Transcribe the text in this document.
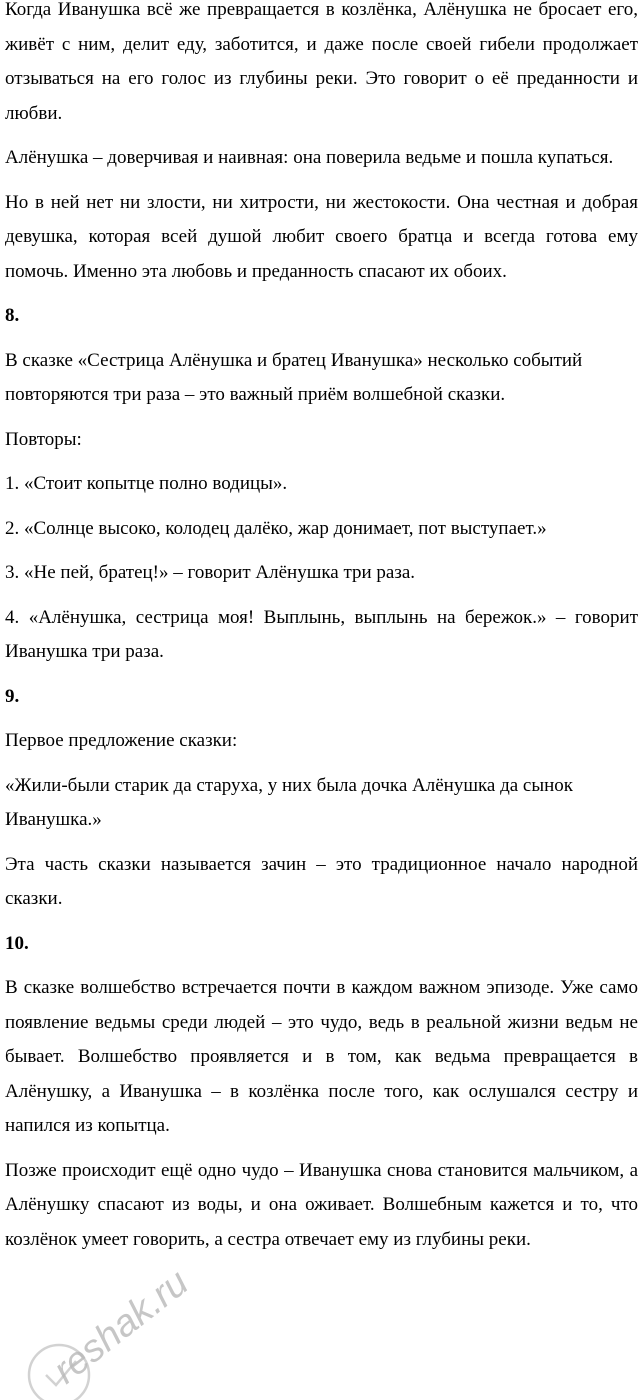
Когда Иванушка всё же превращается в козлёнка, Алёнушка не бросает его, живёт с ним, делит еду, заботится, и даже после своей гибели продолжает отзываться на его голос из глубины реки. Это говорит о её преданности и любви.

Алёнушка – доверчивая и наивная: она поверила ведьме и пошла купаться.

Но в ней нет ни злости, ни хитрости, ни жестокости. Она честная и добрая девушка, которая всей душой любит своего братца и всегда готова ему помочь. Именно эта любовь и преданность спасают их обоих.

8.

В сказке «Сестрица Алёнушка и братец Иванушка» несколько событий повторяются три раза – это важный приём волшебной сказки.

Повторы:

1. «Стоит копытце полно водицы».

2. «Солнце высоко, колодец далёко, жар донимает, пот выступает.»

3. «Не пей, братец!» – говорит Алёнушка три раза.

4. «Алёнушка, сестрица моя! Выплынь, выплынь на бережок.» – говорит Иванушка три раза.

9.

Первое предложение сказки:

«Жили-были старик да старуха, у них была дочка Алёнушка да сынок Иванушка.»

Эта часть сказки называется зачин – это традиционное начало народной сказки.

10.

В сказке волшебство встречается почти в каждом важном эпизоде. Уже само появление ведьмы среди людей – это чудо, ведь в реальной жизни ведьм не бывает. Волшебство проявляется и в том, как ведьма превращается в Алёнушку, а Иванушка – в козлёнка после того, как ослушался сестру и напился из копытца.

Позже происходит ещё одно чудо – Иванушка снова становится мальчиком, а Алёнушку спасают из воды, и она оживает. Волшебным кажется и то, что козлёнок умеет говорить, а сестра отвечает ему из глубины реки.

reshak.ru
